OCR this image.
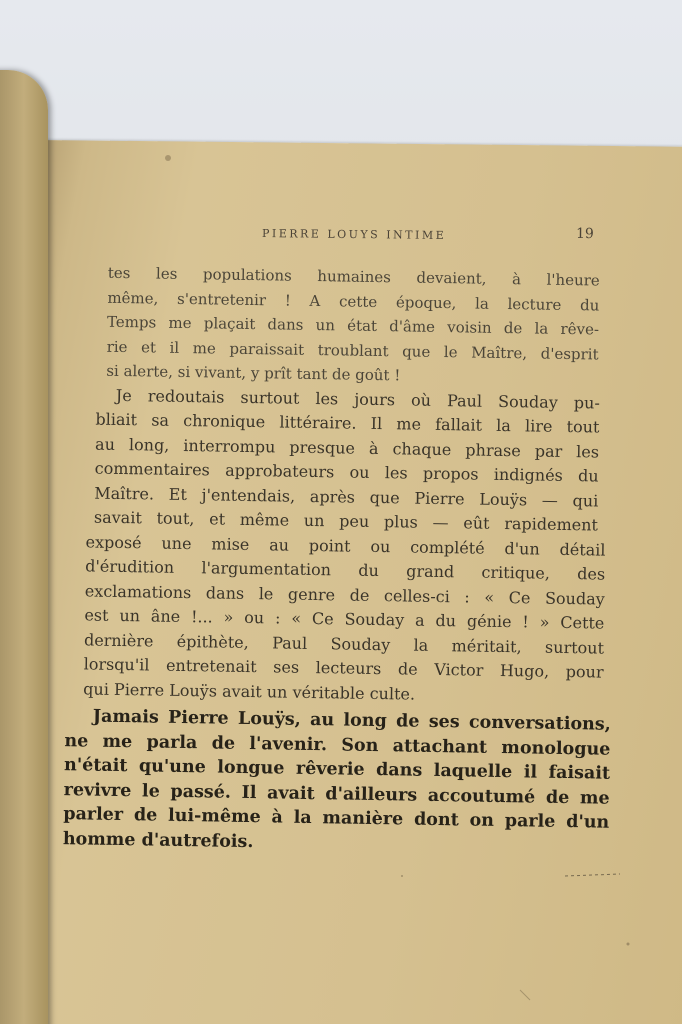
PIERRE LOUYS INTIME	19
tes les populations humaines devaient, à l'heure
même, s'entretenir ! A cette époque, la lecture du
Temps me plaçait dans un état d'âme voisin de la rêve-
rie et il me paraissait troublant que le Maître, d'esprit
si alerte, si vivant, y prît tant de goût !
Je redoutais surtout les jours où Paul Souday pu-
bliait sa chronique littéraire. Il me fallait la lire tout
au long, interrompu presque à chaque phrase par les
commentaires approbateurs ou les propos indignés du
Maître. Et j'entendais, après que Pierre Louÿs — qui
savait tout, et même un peu plus — eût rapidement
exposé une mise au point ou complété d'un détail
d'érudition l'argumentation du grand critique, des
exclamations dans le genre de celles-ci : « Ce Souday
est un âne !... » ou : « Ce Souday a du génie ! » Cette
dernière épithète, Paul Souday la méritait, surtout
lorsqu'il entretenait ses lecteurs de Victor Hugo, pour
qui Pierre Louÿs avait un véritable culte.
Jamais Pierre Louÿs, au long de ses conversations,
ne me parla de l'avenir. Son attachant monologue
n'était qu'une longue rêverie dans laquelle il faisait
revivre le passé. Il avait d'ailleurs accoutumé de me
parler de lui-même à la manière dont on parle d'un
homme d'autrefois.
